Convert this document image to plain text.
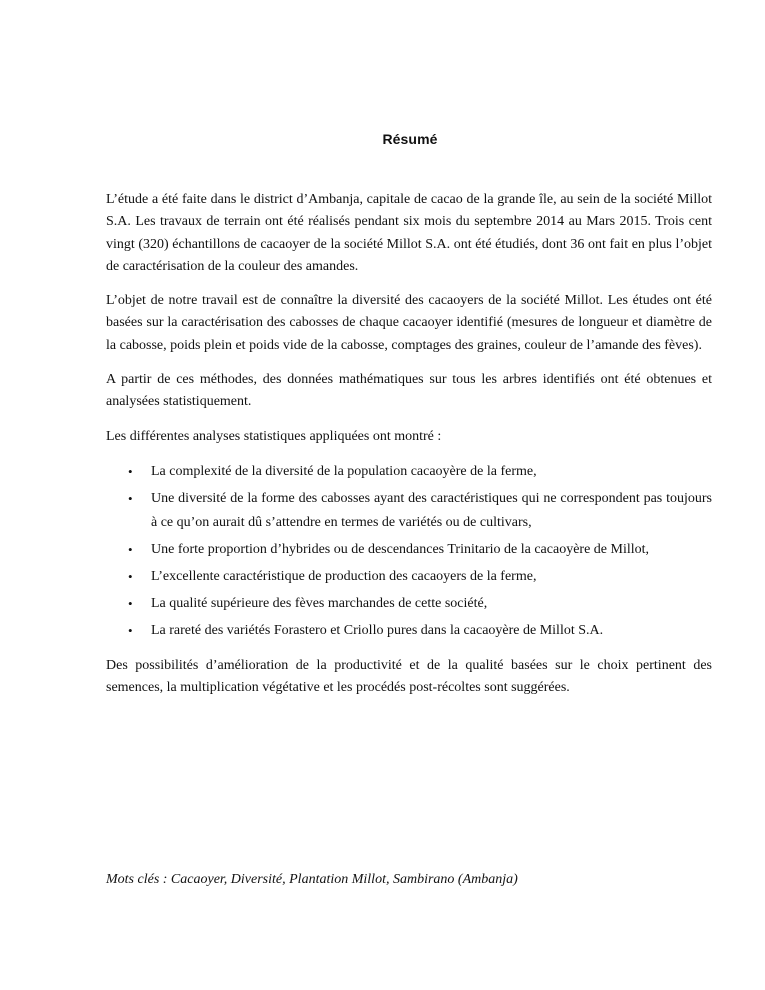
Résumé

L’étude a été faite dans le district d’Ambanja, capitale de cacao de la grande île, au sein de la société Millot S.A. Les travaux de terrain ont été réalisés pendant six mois du septembre 2014 au Mars 2015. Trois cent vingt (320) échantillons de cacaoyer de la société Millot S.A. ont été étudiés, dont 36 ont fait en plus l’objet de caractérisation de la couleur des amandes.

L’objet de notre travail est de connaître la diversité des cacaoyers de la société Millot. Les études ont été basées sur la caractérisation des cabosses de chaque cacaoyer identifié (mesures de longueur et diamètre de la cabosse, poids plein et poids vide de la cabosse, comptages des graines, couleur de l’amande des fèves).

A partir de ces méthodes, des données mathématiques sur tous les arbres identifiés ont été obtenues et analysées statistiquement.

Les différentes analyses statistiques appliquées ont montré :

• La complexité de la diversité de la population cacaoyère de la ferme,
• Une diversité de la forme des cabosses ayant des caractéristiques qui ne correspondent pas toujours à ce qu’on aurait dû s’attendre en termes de variétés ou de cultivars,
• Une forte proportion d’hybrides ou de descendances Trinitario de la cacaoyère de Millot,
• L’excellente caractéristique de production des cacaoyers de la ferme,
• La qualité supérieure des fèves marchandes de cette société,
• La rareté des variétés Forastero et Criollo pures dans la cacaoyère de Millot S.A.

Des possibilités d’amélioration de la productivité et de la qualité basées sur le choix pertinent des semences, la multiplication végétative et les procédés post-récoltes sont suggérées.

Mots clés : Cacaoyer, Diversité, Plantation Millot, Sambirano (Ambanja)
